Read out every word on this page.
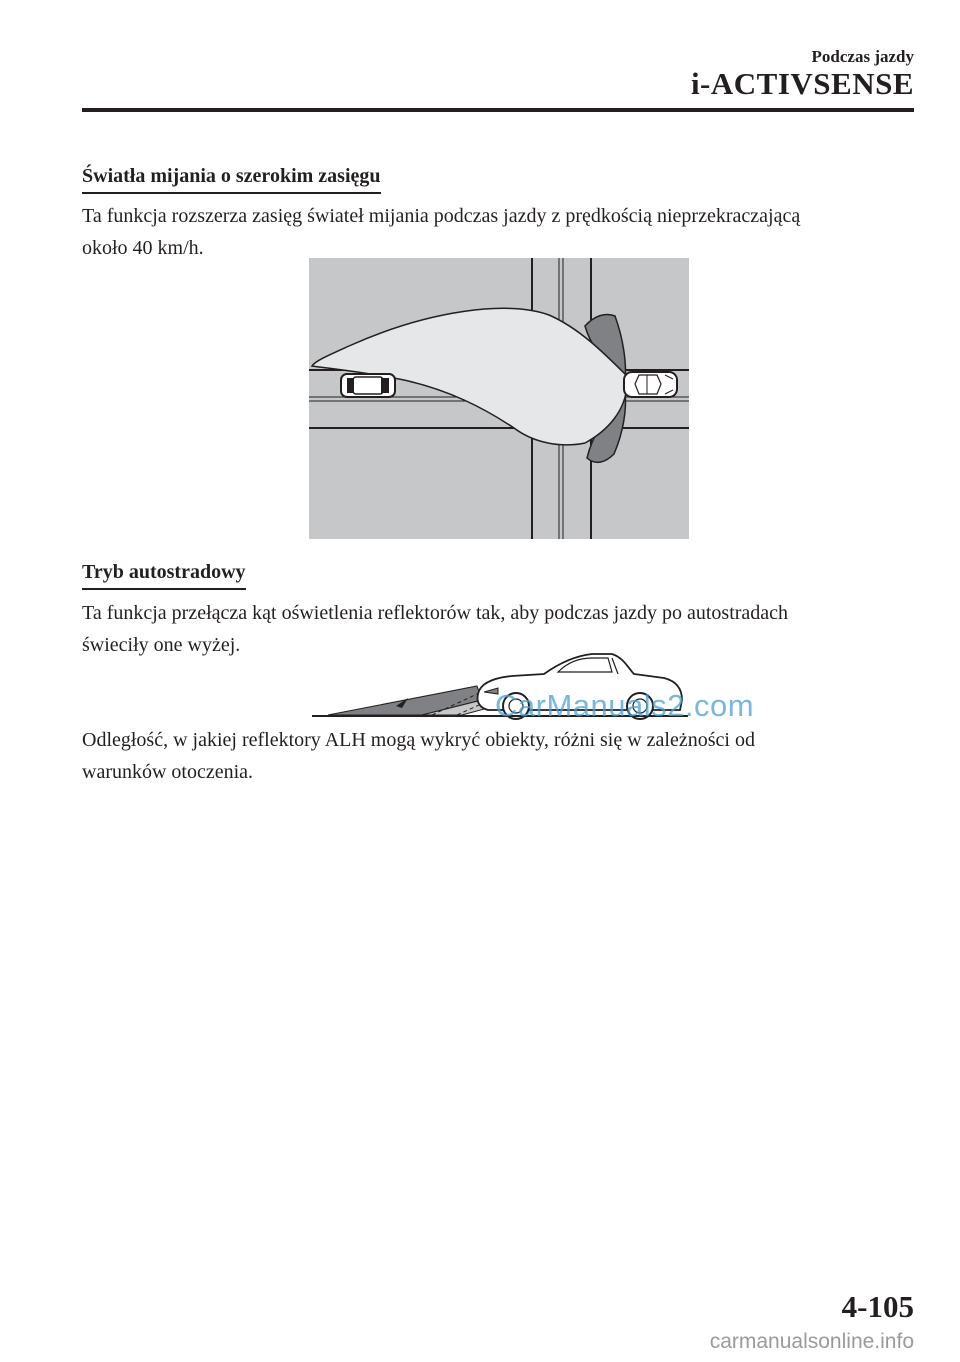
Podczas jazdy
i-ACTIVSENSE
Światła mijania o szerokim zasięgu
Ta funkcja rozszerza zasięg świateł mijania podczas jazdy z prędkością nieprzekraczającą
około 40 km/h.
Tryb autostradowy
Ta funkcja przełącza kąt oświetlenia reflektorów tak, aby podczas jazdy po autostradach
świeciły one wyżej.
CarManuals2.com
Odległość, w jakiej reflektory ALH mogą wykryć obiekty, różni się w zależności od
warunków otoczenia.
4-105
carmanualsonline.info
